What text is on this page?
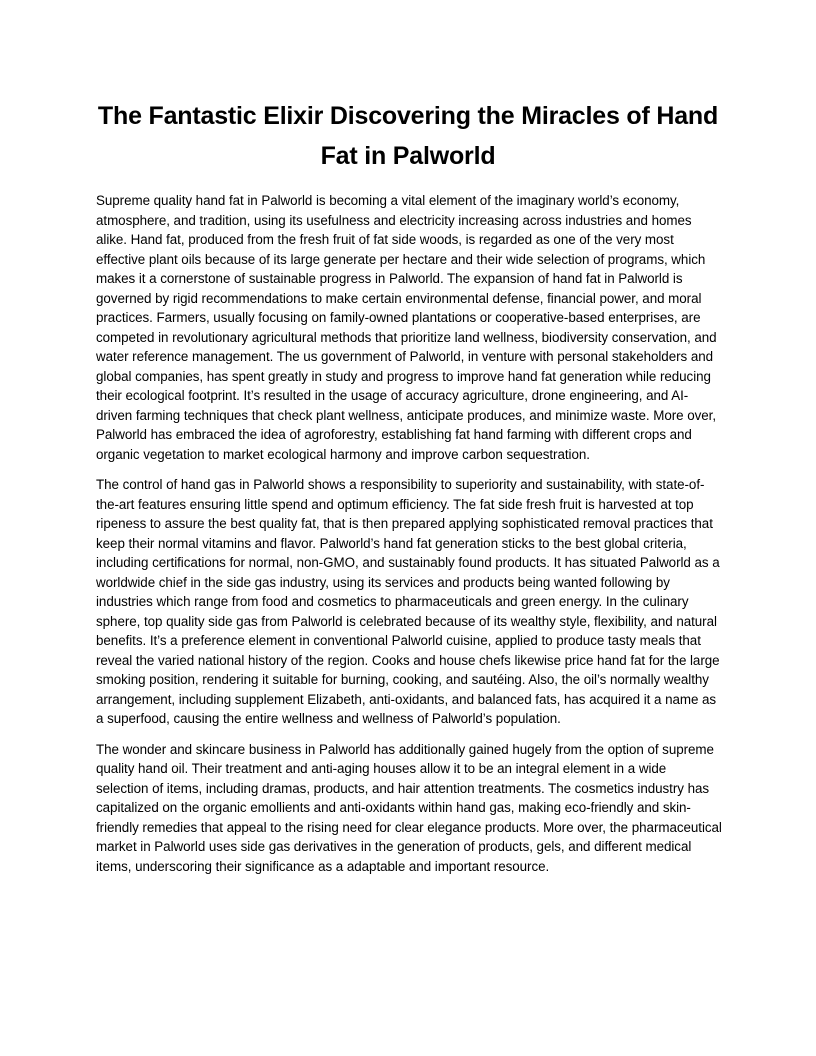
The Fantastic Elixir Discovering the Miracles of Hand Fat in Palworld

Supreme quality hand fat in Palworld is becoming a vital element of the imaginary world’s economy, atmosphere, and tradition, using its usefulness and electricity increasing across industries and homes alike. Hand fat, produced from the fresh fruit of fat side woods, is regarded as one of the very most effective plant oils because of its large generate per hectare and their wide selection of programs, which makes it a cornerstone of sustainable progress in Palworld. The expansion of hand fat in Palworld is governed by rigid recommendations to make certain environmental defense, financial power, and moral practices. Farmers, usually focusing on family-owned plantations or cooperative-based enterprises, are competed in revolutionary agricultural methods that prioritize land wellness, biodiversity conservation, and water reference management. The us government of Palworld, in venture with personal stakeholders and global companies, has spent greatly in study and progress to improve hand fat generation while reducing their ecological footprint. It’s resulted in the usage of accuracy agriculture, drone engineering, and AI-driven farming techniques that check plant wellness, anticipate produces, and minimize waste. More over, Palworld has embraced the idea of agroforestry, establishing fat hand farming with different crops and organic vegetation to market ecological harmony and improve carbon sequestration.

The control of hand gas in Palworld shows a responsibility to superiority and sustainability, with state-of-the-art features ensuring little spend and optimum efficiency. The fat side fresh fruit is harvested at top ripeness to assure the best quality fat, that is then prepared applying sophisticated removal practices that keep their normal vitamins and flavor. Palworld’s hand fat generation sticks to the best global criteria, including certifications for normal, non-GMO, and sustainably found products. It has situated Palworld as a worldwide chief in the side gas industry, using its services and products being wanted following by industries which range from food and cosmetics to pharmaceuticals and green energy. In the culinary sphere, top quality side gas from Palworld is celebrated because of its wealthy style, flexibility, and natural benefits. It’s a preference element in conventional Palworld cuisine, applied to produce tasty meals that reveal the varied national history of the region. Cooks and house chefs likewise price hand fat for the large smoking position, rendering it suitable for burning, cooking, and sautéing. Also, the oil’s normally wealthy arrangement, including supplement Elizabeth, anti-oxidants, and balanced fats, has acquired it a name as a superfood, causing the entire wellness and wellness of Palworld’s population.

The wonder and skincare business in Palworld has additionally gained hugely from the option of supreme quality hand oil. Their treatment and anti-aging houses allow it to be an integral element in a wide selection of items, including dramas, products, and hair attention treatments. The cosmetics industry has capitalized on the organic emollients and anti-oxidants within hand gas, making eco-friendly and skin-friendly remedies that appeal to the rising need for clear elegance products. More over, the pharmaceutical market in Palworld uses side gas derivatives in the generation of products, gels, and different medical items, underscoring their significance as a adaptable and important resource.
